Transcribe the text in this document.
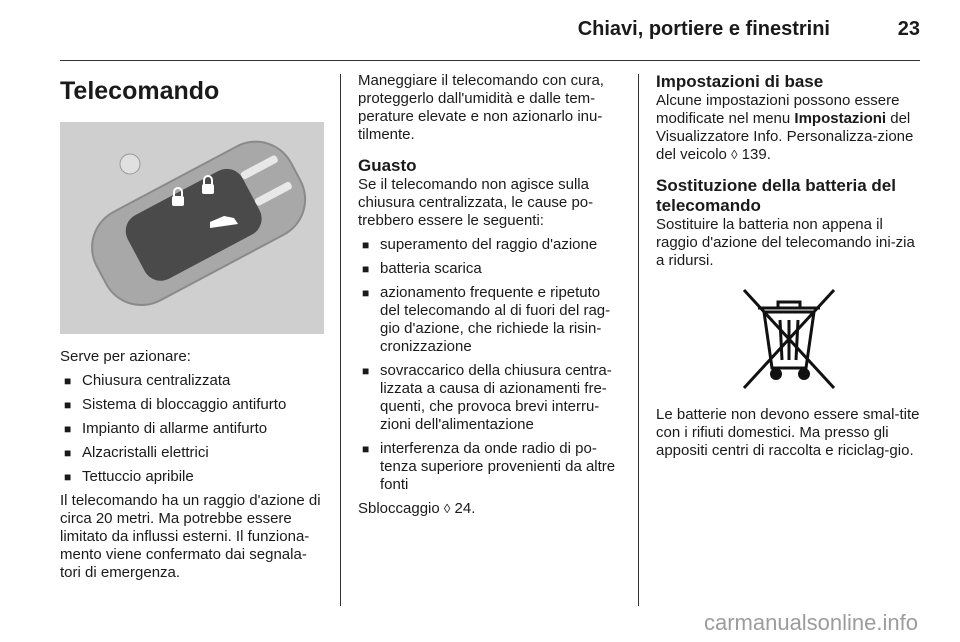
Chiavi, portiere e finestrini	23
Telecomando

Serve per azionare:

■ Chiusura centralizzata
■ Sistema di bloccaggio antifurto
■ Impianto di allarme antifurto
■ Alzacristalli elettrici
■ Tettuccio apribile

Il telecomando ha un raggio d'azione di circa 20 metri. Ma potrebbe essere limitato da influssi esterni. Il funziona-mento viene confermato dai segnala-tori di emergenza.

Maneggiare il telecomando con cura, proteggerlo dall'umidità e dalle tem-perature elevate e non azionarlo inu-tilmente.

Guasto

Se il telecomando non agisce sulla chiusura centralizzata, le cause po-trebbero essere le seguenti:

■ superamento del raggio d'azione
■ batteria scarica
■ azionamento frequente e ripetuto del telecomando al di fuori del rag-gio d'azione, che richiede la risin-cronizzazione
■ sovraccarico della chiusura centra-lizzata a causa di azionamenti fre-quenti, che provoca brevi interru-zioni dell'alimentazione
■ interferenza da onde radio di po-tenza superiore provenienti da altre fonti

Sbloccaggio ◊ 24.

Impostazioni di base

Alcune impostazioni possono essere modificate nel menu Impostazioni del Visualizzatore Info. Personalizza-zione del veicolo ◊ 139.

Sostituzione della batteria del telecomando

Sostituire la batteria non appena il raggio d'azione del telecomando ini-zia a ridursi.

Le batterie non devono essere smal-tite con i rifiuti domestici. Ma presso gli appositi centri di raccolta e riciclag-gio.

carmanualsonline.info
